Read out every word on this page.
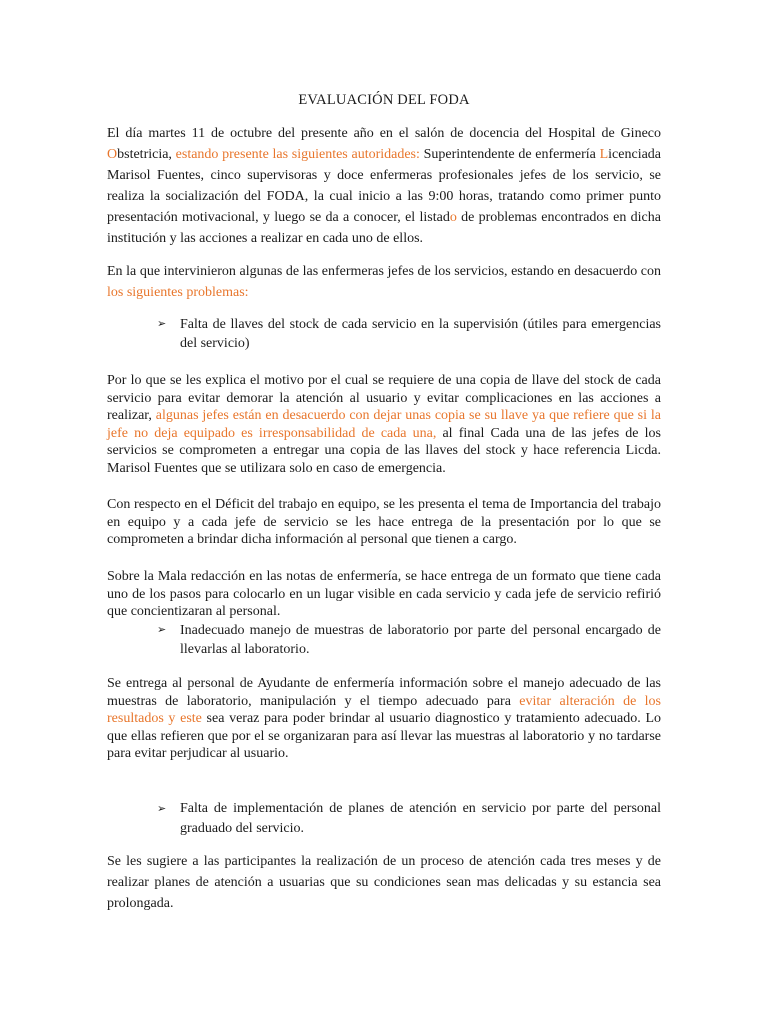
EVALUACIÓN DEL FODA
El día martes 11 de octubre del presente año en el salón de docencia del Hospital de Gineco Obstetricia, estando presente las siguientes autoridades: Superintendente de enfermería Licenciada Marisol Fuentes, cinco supervisoras y doce enfermeras profesionales jefes de los servicio, se realiza la socialización del FODA, la cual inicio a las 9:00 horas, tratando como primer punto presentación motivacional, y luego se da a conocer, el listado de problemas encontrados en dicha institución y las acciones a realizar en cada uno de ellos.
En la que intervinieron algunas de las enfermeras jefes de los servicios, estando en desacuerdo con los siguientes problemas:
➢ Falta de llaves del stock de cada servicio en la supervisión (útiles para emergencias del servicio)
Por lo que se les explica el motivo por el cual se requiere de una copia de llave del stock de cada servicio para evitar demorar la atención al usuario y evitar complicaciones en las acciones a realizar, algunas jefes están en desacuerdo con dejar unas copia se su llave ya que refiere que si la jefe no deja equipado es irresponsabilidad de cada una, al final Cada una de las jefes de los servicios se comprometen a entregar una copia de las llaves del stock y hace referencia Licda. Marisol Fuentes que se utilizara solo en caso de emergencia.
Con respecto en el Déficit del trabajo en equipo, se les presenta el tema de Importancia del trabajo en equipo y a cada jefe de servicio se les hace entrega de la presentación por lo que se comprometen a brindar dicha información al personal que tienen a cargo.
Sobre la Mala redacción en las notas de enfermería, se hace entrega de un formato que tiene cada uno de los pasos para colocarlo en un lugar visible en cada servicio y cada jefe de servicio refirió que concientizaran al personal.
➢ Inadecuado manejo de muestras de laboratorio por parte del personal encargado de llevarlas al laboratorio.
Se entrega al personal de Ayudante de enfermería información sobre el manejo adecuado de las muestras de laboratorio, manipulación y el tiempo adecuado para evitar alteración de los resultados y este sea veraz para poder brindar al usuario diagnostico y tratamiento adecuado. Lo que ellas refieren que por el se organizaran para así llevar las muestras al laboratorio y no tardarse para evitar perjudicar al usuario.
➢ Falta de implementación de planes de atención en servicio por parte del personal graduado del servicio.
Se les sugiere a las participantes la realización de un proceso de atención cada tres meses y de realizar planes de atención a usuarias que su condiciones sean mas delicadas y su estancia sea prolongada.
